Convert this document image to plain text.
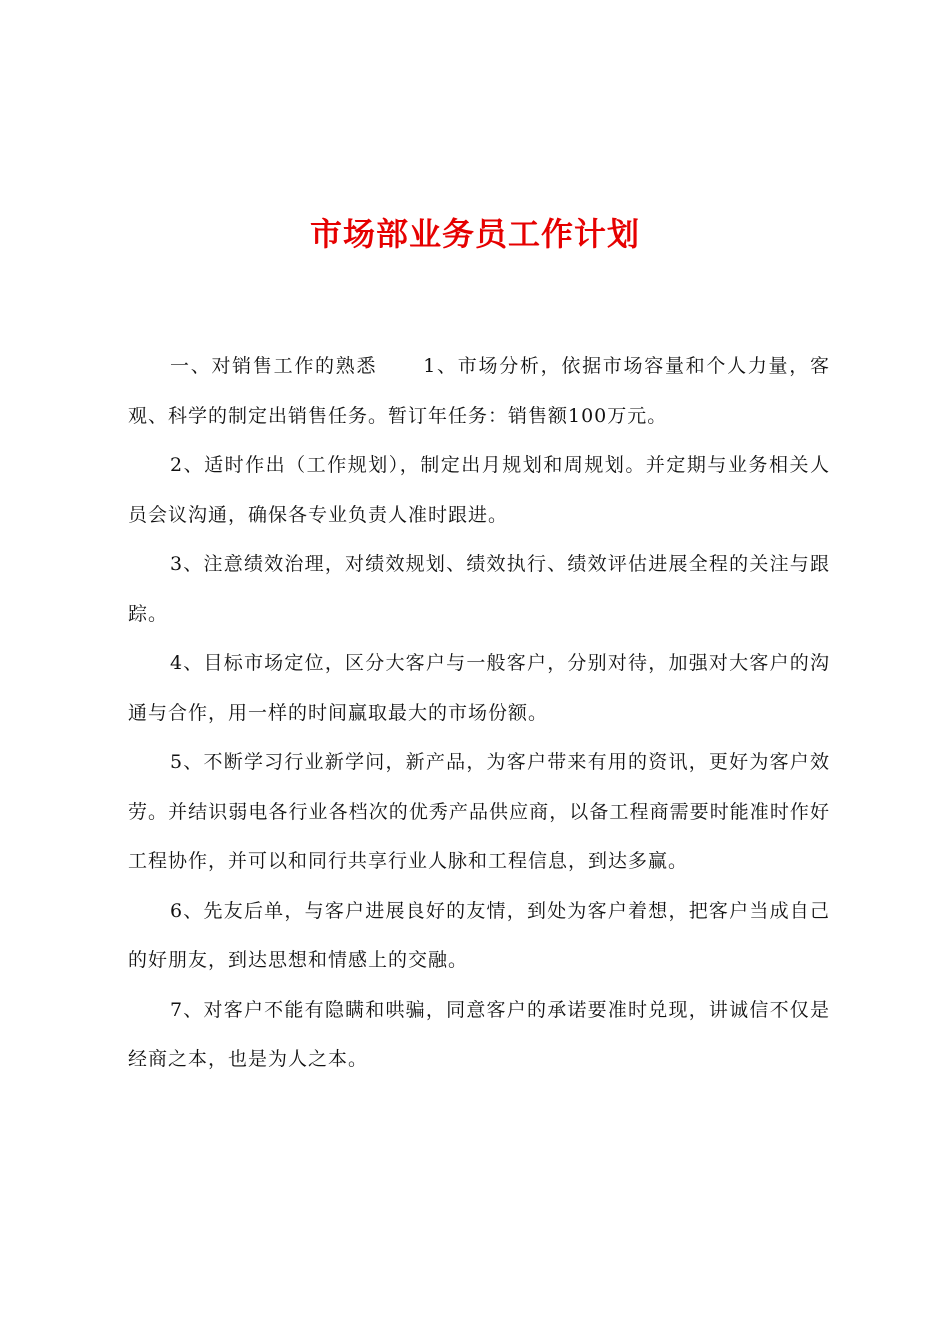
市场部业务员工作计划

一、对销售工作的熟悉 1、市场分析，依据市场容量和个人力量，客观、科学的制定出销售任务。暂订年任务：销售额100万元。

2、适时作出（工作规划），制定出月规划和周规划。并定期与业务相关人员会议沟通，确保各专业负责人准时跟进。

3、注意绩效治理，对绩效规划、绩效执行、绩效评估进展全程的关注与跟踪。

4、目标市场定位，区分大客户与一般客户，分别对待，加强对大客户的沟通与合作，用一样的时间赢取最大的市场份额。

5、不断学习行业新学问，新产品，为客户带来有用的资讯，更好为客户效劳。并结识弱电各行业各档次的优秀产品供应商，以备工程商需要时能准时作好工程协作，并可以和同行共享行业人脉和工程信息，到达多赢。

6、先友后单，与客户进展良好的友情，到处为客户着想，把客户当成自己的好朋友，到达思想和情感上的交融。

7、对客户不能有隐瞒和哄骗，同意客户的承诺要准时兑现，讲诚信不仅是经商之本，也是为人之本。
